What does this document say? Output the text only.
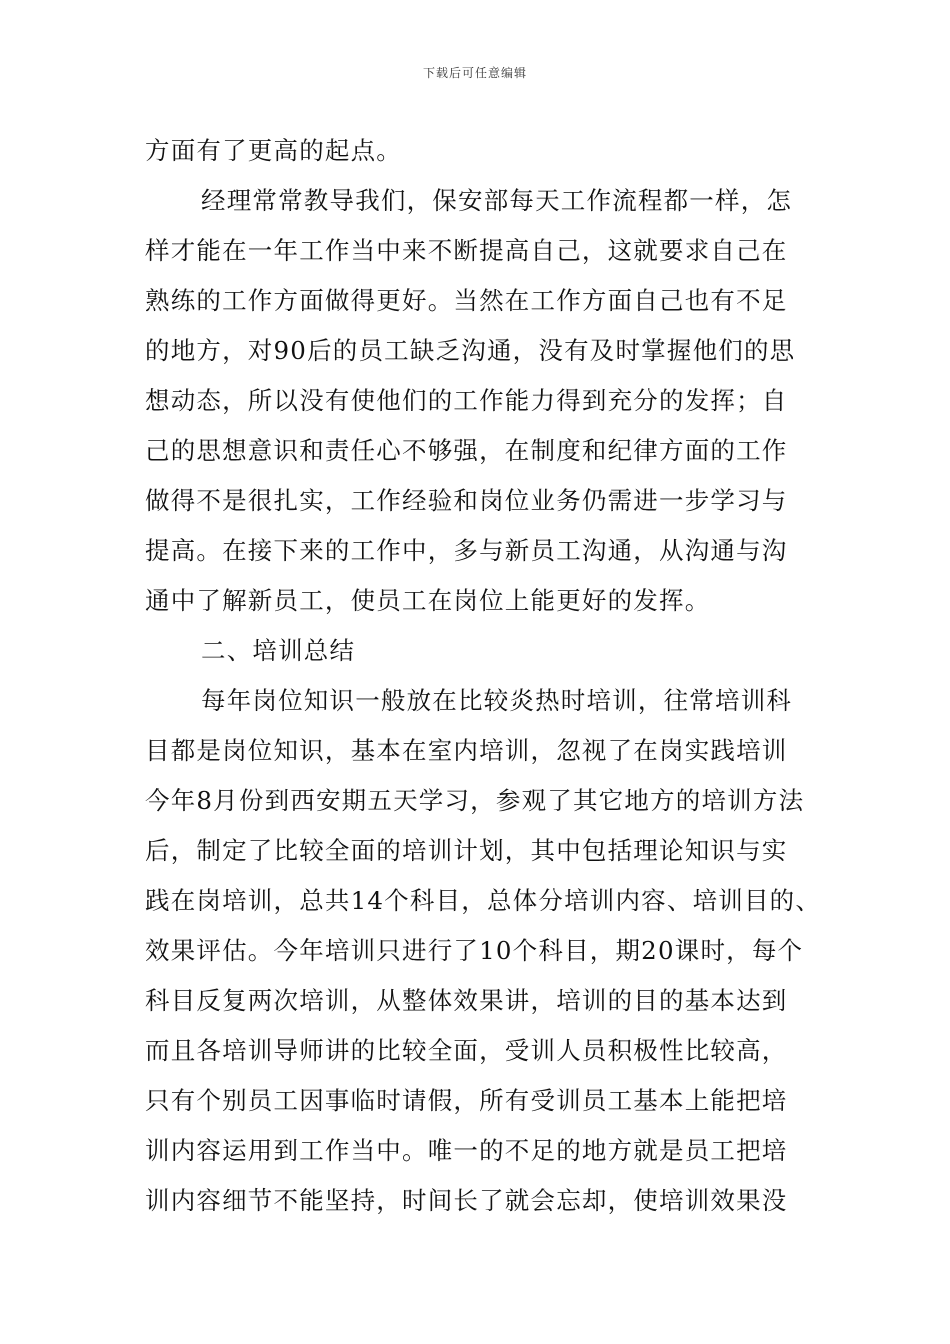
下载后可任意编辑
方面有了更高的起点。
经理常常教导我们，保安部每天工作流程都一样，怎
样才能在一年工作当中来不断提高自己，这就要求自己在
熟练的工作方面做得更好。当然在工作方面自己也有不足
的地方，对90后的员工缺乏沟通，没有及时掌握他们的思
想动态，所以没有使他们的工作能力得到充分的发挥；自
己的思想意识和责任心不够强，在制度和纪律方面的工作
做得不是很扎实，工作经验和岗位业务仍需进一步学习与
提高。在接下来的工作中，多与新员工沟通，从沟通与沟
通中了解新员工，使员工在岗位上能更好的发挥。
二、培训总结
每年岗位知识一般放在比较炎热时培训，往常培训科
目都是岗位知识，基本在室内培训，忽视了在岗实践培训
今年8月份到西安期五天学习，参观了其它地方的培训方法
后，制定了比较全面的培训计划，其中包括理论知识与实
践在岗培训，总共14个科目，总体分培训内容、培训目的、
效果评估。今年培训只进行了10个科目，期20课时，每个
科目反复两次培训，从整体效果讲，培训的目的基本达到
而且各培训导师讲的比较全面，受训人员积极性比较高，
只有个别员工因事临时请假，所有受训员工基本上能把培
训内容运用到工作当中。唯一的不足的地方就是员工把培
训内容细节不能坚持，时间长了就会忘却，使培训效果没
